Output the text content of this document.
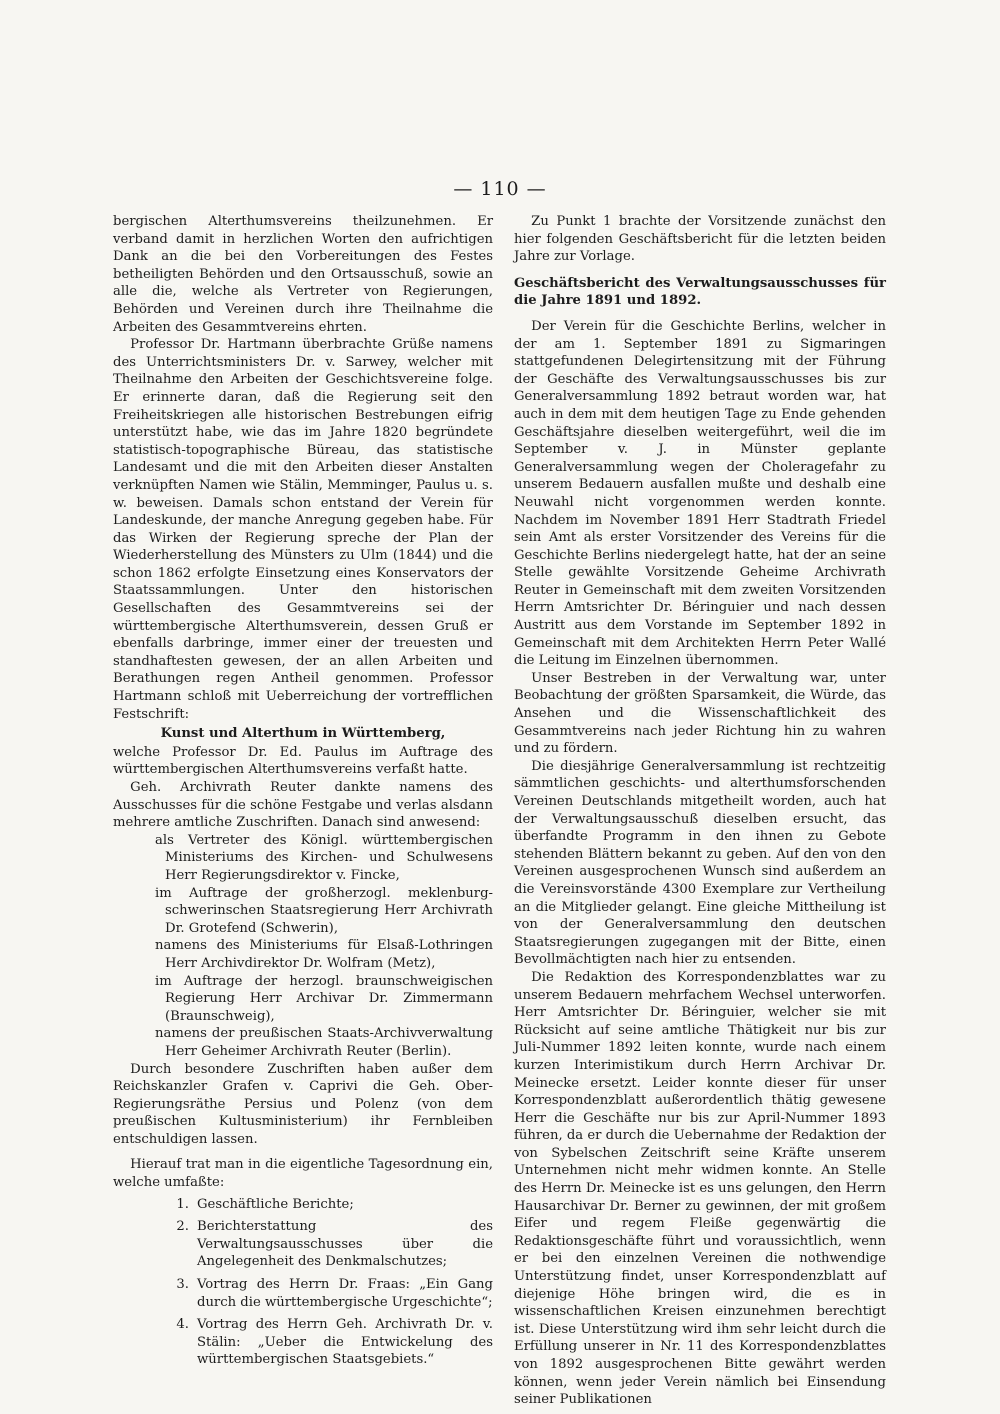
— 110 —

bergischen Alterthumsvereins theilzunehmen. Er verband damit in herzlichen Worten den aufrichtigen Dank an die bei den Vorbereitungen des Festes betheiligten Behörden und den Ortsausschuß, sowie an alle die, welche als Vertreter von Regierungen, Behörden und Vereinen durch ihre Theilnahme die Arbeiten des Gesammtvereins ehrten.

Professor Dr. Hartmann überbrachte Grüße namens des Unterrichtsministers Dr. v. Sarwey, welcher mit Theilnahme den Arbeiten der Geschichtsvereine folge. Er erinnerte daran, daß die Regierung seit den Freiheitskriegen alle historischen Bestrebungen eifrig unterstützt habe, wie das im Jahre 1820 begründete statistisch-topographische Büreau, das statistische Landesamt und die mit den Arbeiten dieser Anstalten verknüpften Namen wie Stälin, Memminger, Paulus u. s. w. beweisen. Damals schon entstand der Verein für Landeskunde, der manche Anregung gegeben habe. Für das Wirken der Regierung spreche der Plan der Wiederherstellung des Münsters zu Ulm (1844) und die schon 1862 erfolgte Einsetzung eines Konservators der Staatssammlungen. Unter den historischen Gesellschaften des Gesammtvereins sei der württembergische Alterthumsverein, dessen Gruß er ebenfalls darbringe, immer einer der treuesten und standhaftesten gewesen, der an allen Arbeiten und Berathungen regen Antheil genommen. Professor Hartmann schloß mit Ueberreichung der vortrefflichen Festschrift:

Kunst und Alterthum in Württemberg,

welche Professor Dr. Ed. Paulus im Auftrage des württembergischen Alterthumsvereins verfaßt hatte.

Geh. Archivrath Reuter dankte namens des Ausschusses für die schöne Festgabe und verlas alsdann mehrere amtliche Zuschriften. Danach sind anwesend:

als Vertreter des Königl. württembergischen Ministeriums des Kirchen- und Schulwesens Herr Regierungsdirektor v. Fincke,
im Auftrage der großherzogl. meklenburg-schwerinschen Staatsregierung Herr Archivrath Dr. Grotefend (Schwerin),
namens des Ministeriums für Elsaß-Lothringen Herr Archivdirektor Dr. Wolfram (Metz),
im Auftrage der herzogl. braunschweigischen Regierung Herr Archivar Dr. Zimmermann (Braunschweig),
namens der preußischen Staats-Archivverwaltung Herr Geheimer Archivrath Reuter (Berlin).

Durch besondere Zuschriften haben außer dem Reichskanzler Grafen v. Caprivi die Geh. Ober-Regierungsräthe Persius und Polenz (von dem preußischen Kultusministerium) ihr Fernbleiben entschuldigen lassen.

Hierauf trat man in die eigentliche Tagesordnung ein, welche umfaßte:

1. Geschäftliche Berichte;
2. Berichterstattung des Verwaltungsausschusses über die Angelegenheit des Denkmalschutzes;
3. Vortrag des Herrn Dr. Fraas: „Ein Gang durch die württembergische Urgeschichte“;
4. Vortrag des Herrn Geh. Archivrath Dr. v. Stälin: „Ueber die Entwickelung des württembergischen Staatsgebiets.“

Zu Punkt 1 brachte der Vorsitzende zunächst den hier folgenden Geschäftsbericht für die letzten beiden Jahre zur Vorlage.

Geschäftsbericht des Verwaltungsausschusses für die Jahre 1891 und 1892.

Der Verein für die Geschichte Berlins, welcher in der am 1. September 1891 zu Sigmaringen stattgefundenen Delegirtensitzung mit der Führung der Geschäfte des Verwaltungsausschusses bis zur Generalversammlung 1892 betraut worden war, hat auch in dem mit dem heutigen Tage zu Ende gehenden Geschäftsjahre dieselben weitergeführt, weil die im September v. J. in Münster geplante Generalversammlung wegen der Choleragefahr zu unserem Bedauern ausfallen mußte und deshalb eine Neuwahl nicht vorgenommen werden konnte. Nachdem im November 1891 Herr Stadtrath Friedel sein Amt als erster Vorsitzender des Vereins für die Geschichte Berlins niedergelegt hatte, hat der an seine Stelle gewählte Vorsitzende Geheime Archivrath Reuter in Gemeinschaft mit dem zweiten Vorsitzenden Herrn Amtsrichter Dr. Béringuier und nach dessen Austritt aus dem Vorstande im September 1892 in Gemeinschaft mit dem Architekten Herrn Peter Wallé die Leitung im Einzelnen übernommen.

Unser Bestreben in der Verwaltung war, unter Beobachtung der größten Sparsamkeit, die Würde, das Ansehen und die Wissenschaftlichkeit des Gesammtvereins nach jeder Richtung hin zu wahren und zu fördern.

Die diesjährige Generalversammlung ist rechtzeitig sämmtlichen geschichts- und alterthumsforschenden Vereinen Deutschlands mitgetheilt worden, auch hat der Verwaltungsausschuß dieselben ersucht, das überfandte Programm in den ihnen zu Gebote stehenden Blättern bekannt zu geben. Auf den von den Vereinen ausgesprochenen Wunsch sind außerdem an die Vereinsvorstände 4300 Exemplare zur Vertheilung an die Mitglieder gelangt. Eine gleiche Mittheilung ist von der Generalversammlung den deutschen Staatsregierungen zugegangen mit der Bitte, einen Bevollmächtigten nach hier zu entsenden.

Die Redaktion des Korrespondenzblattes war zu unserem Bedauern mehrfachem Wechsel unterworfen. Herr Amtsrichter Dr. Béringuier, welcher sie mit Rücksicht auf seine amtliche Thätigkeit nur bis zur Juli-Nummer 1892 leiten konnte, wurde nach einem kurzen Interimistikum durch Herrn Archivar Dr. Meinecke ersetzt. Leider konnte dieser für unser Korrespondenzblatt außerordentlich thätig gewesene Herr die Geschäfte nur bis zur April-Nummer 1893 führen, da er durch die Uebernahme der Redaktion der von Sybelschen Zeitschrift seine Kräfte unserem Unternehmen nicht mehr widmen konnte. An Stelle des Herrn Dr. Meinecke ist es uns gelungen, den Herrn Hausarchivar Dr. Berner zu gewinnen, der mit großem Eifer und regem Fleiße gegenwärtig die Redaktionsgeschäfte führt und voraussichtlich, wenn er bei den einzelnen Vereinen die nothwendige Unterstützung findet, unser Korrespondenzblatt auf diejenige Höhe bringen wird, die es in wissenschaftlichen Kreisen einzunehmen berechtigt ist. Diese Unterstützung wird ihm sehr leicht durch die Erfüllung unserer in Nr. 11 des Korrespondenzblattes von 1892 ausgesprochenen Bitte gewährt werden können, wenn jeder Verein nämlich bei Einsendung seiner Publikationen
